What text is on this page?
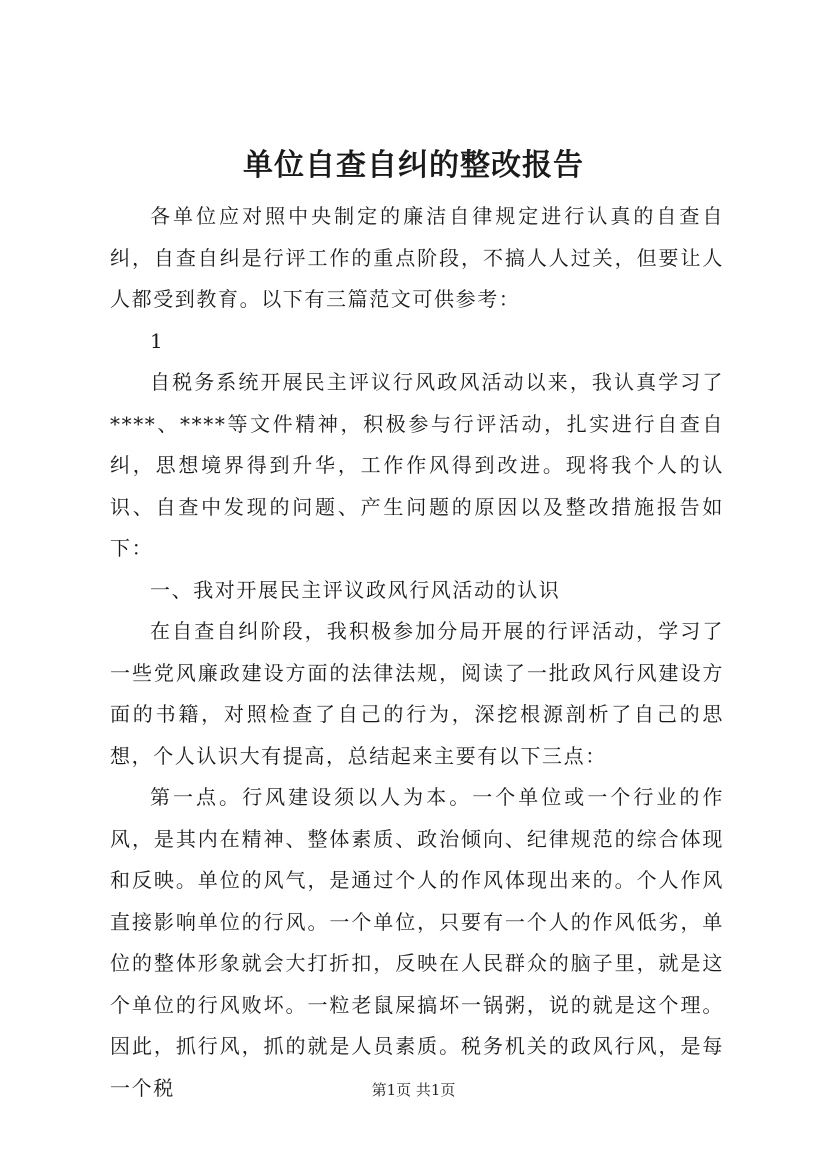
单位自查自纠的整改报告

各单位应对照中央制定的廉洁自律规定进行认真的自查自纠，自查自纠是行评工作的重点阶段，不搞人人过关，但要让人人都受到教育。以下有三篇范文可供参考：

1

自税务系统开展民主评议行风政风活动以来，我认真学习了****、****等文件精神，积极参与行评活动，扎实进行自查自纠，思想境界得到升华，工作作风得到改进。现将我个人的认识、自查中发现的问题、产生问题的原因以及整改措施报告如下：

一、我对开展民主评议政风行风活动的认识

在自查自纠阶段，我积极参加分局开展的行评活动，学习了一些党风廉政建设方面的法律法规，阅读了一批政风行风建设方面的书籍，对照检查了自己的行为，深挖根源剖析了自己的思想，个人认识大有提高，总结起来主要有以下三点：

第一点。行风建设须以人为本。一个单位或一个行业的作风，是其内在精神、整体素质、政治倾向、纪律规范的综合体现和反映。单位的风气，是通过个人的作风体现出来的。个人作风直接影响单位的行风。一个单位，只要有一个人的作风低劣，单位的整体形象就会大打折扣，反映在人民群众的脑子里，就是这个单位的行风败坏。一粒老鼠屎搞坏一锅粥，说的就是这个理。因此，抓行风，抓的就是人员素质。税务机关的政风行风，是每一个税	第1页 共1页
